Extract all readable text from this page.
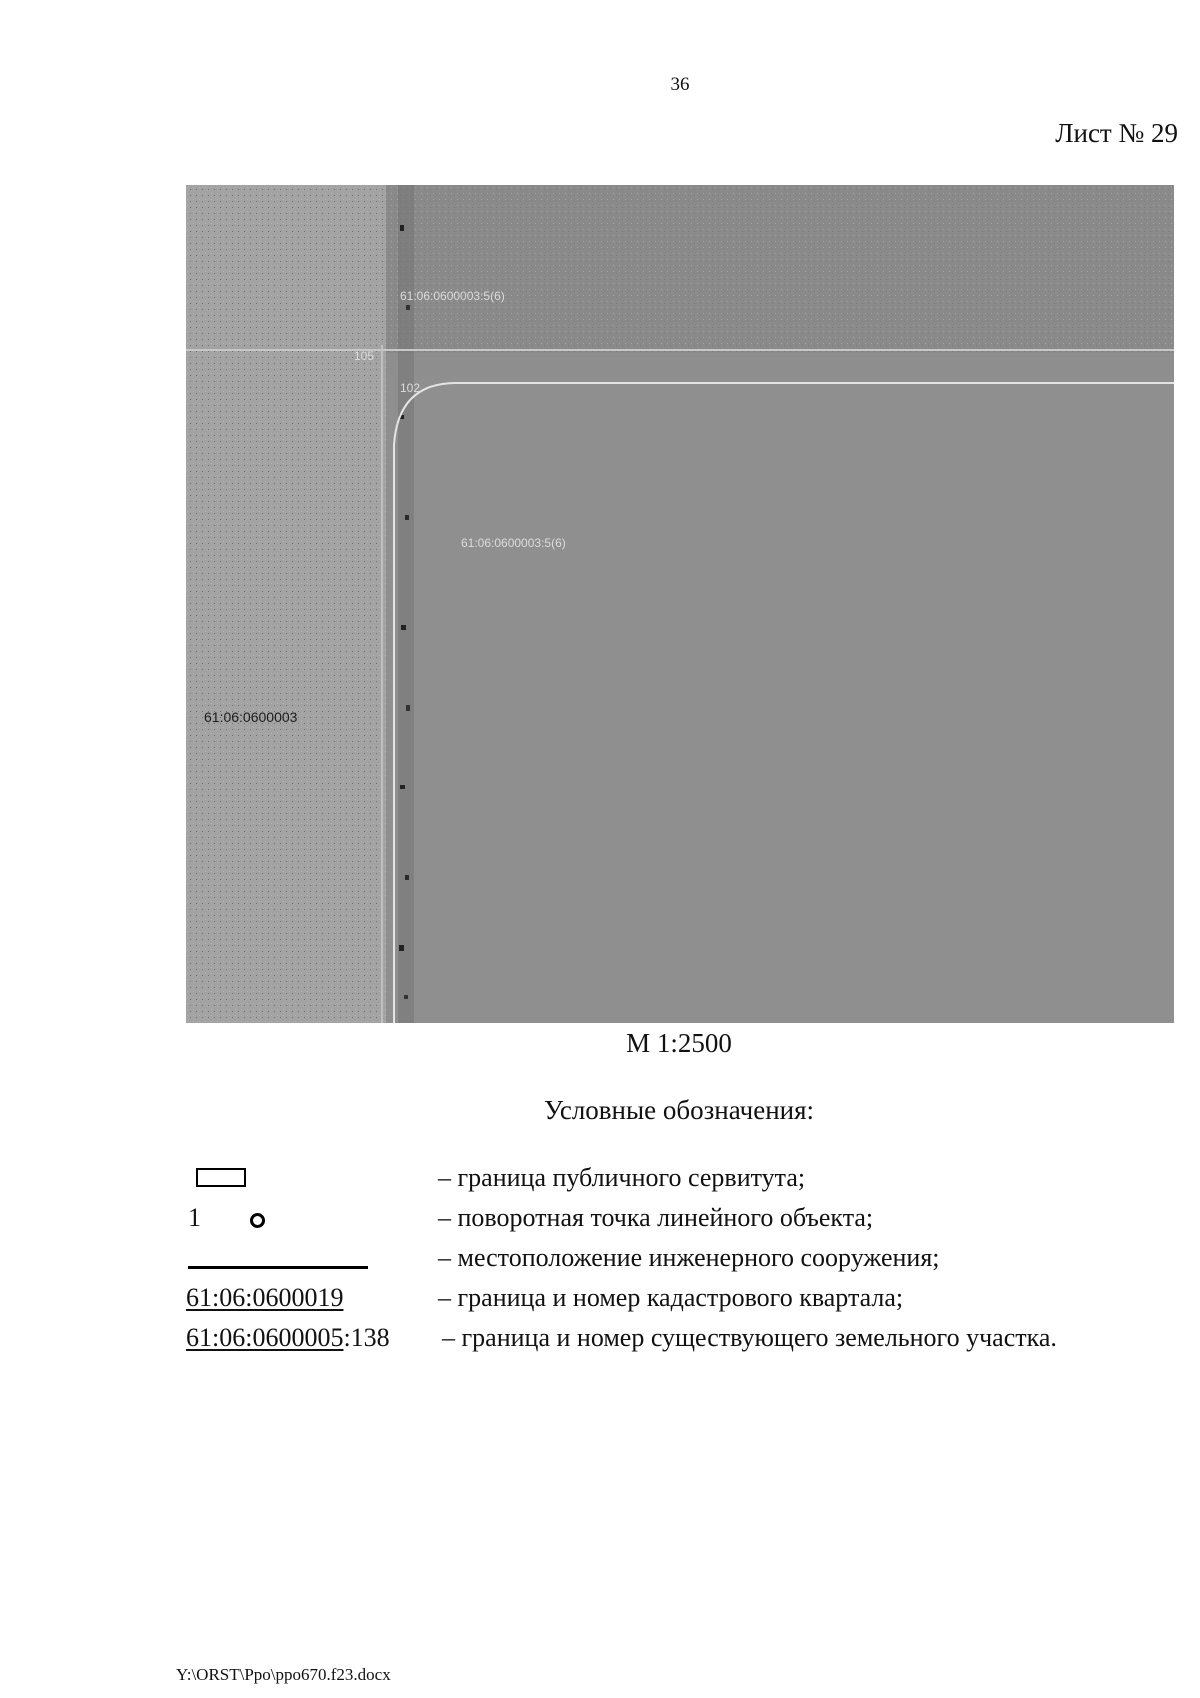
36
Лист № 29
61:06:0600003:5(6)
61:06:0600003:5(6)
61:06:0600003
105
102
М 1:2500
Условные обозначения:
– граница публичного сервитута;
1	– поворотная точка линейного объекта;
– местоположение инженерного сооружения;
61:06:0600019	– граница и номер кадастрового квартала;
61:06:0600005:138	– граница и номер существующего земельного участка.
Y:\ORST\Ppo\ppo670.f23.docx
